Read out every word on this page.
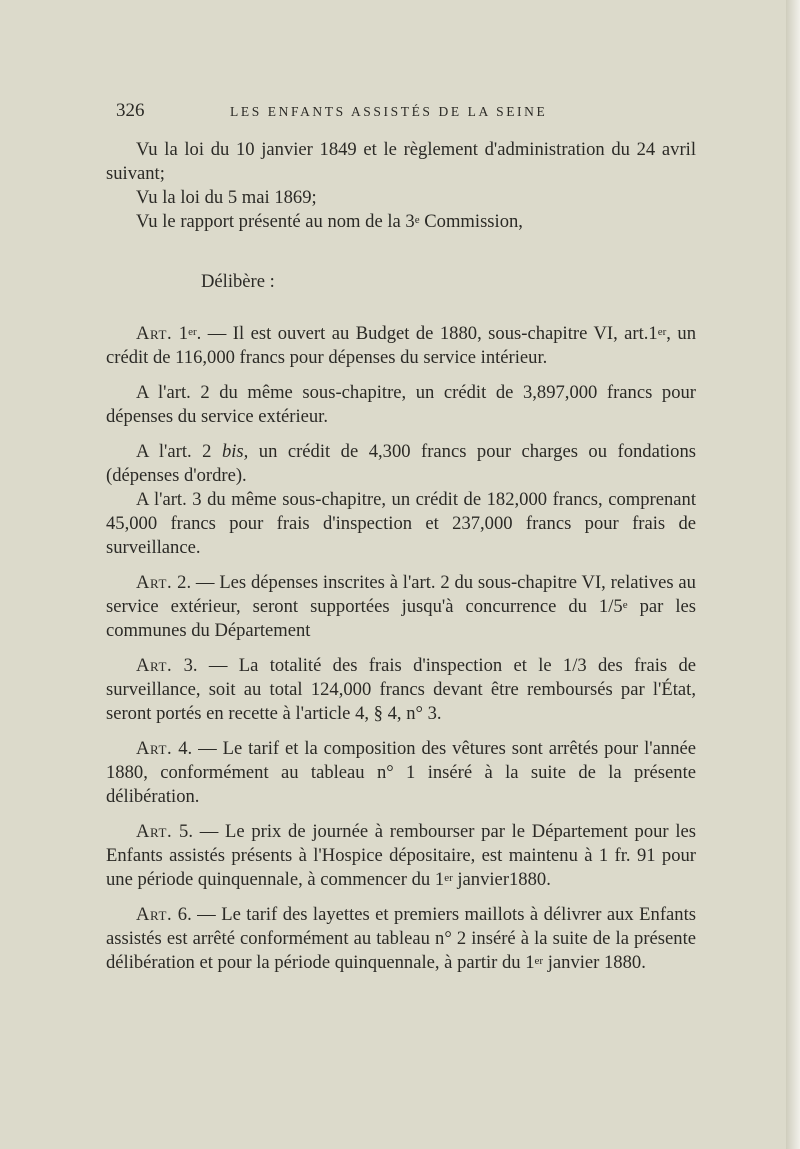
326	LES ENFANTS ASSISTÉS DE LA SEINE

Vu la loi du 10 janvier 1849 et le règlement d'administration du 24 avril suivant;

Vu la loi du 5 mai 1869;

Vu le rapport présenté au nom de la 3e Commission,

Délibère :

Art. 1er. — Il est ouvert au Budget de 1880, sous-chapitre VI, art.1er, un crédit de 116,000 francs pour dépenses du service intérieur.

A l'art. 2 du même sous-chapitre, un crédit de 3,897,000 francs pour dépenses du service extérieur.

A l'art. 2 bis, un crédit de 4,300 francs pour charges ou fondations (dépenses d'ordre).

A l'art. 3 du même sous-chapitre, un crédit de 182,000 francs, comprenant 45,000 francs pour frais d'inspection et 237,000 francs pour frais de surveillance.

Art. 2. — Les dépenses inscrites à l'art. 2 du sous-chapitre VI, relatives au service extérieur, seront supportées jusqu'à concurrence du 1/5e par les communes du Département

Art. 3. — La totalité des frais d'inspection et le 1/3 des frais de surveillance, soit au total 124,000 francs devant être remboursés par l'État, seront portés en recette à l'article 4, § 4, n° 3.

Art. 4. — Le tarif et la composition des vêtures sont arrêtés pour l'année 1880, conformément au tableau n° 1 inséré à la suite de la présente délibération.

Art. 5. — Le prix de journée à rembourser par le Département pour les Enfants assistés présents à l'Hospice dépositaire, est maintenu à 1 fr. 91 pour une période quinquennale, à commencer du 1er janvier1880.

Art. 6. — Le tarif des layettes et premiers maillots à délivrer aux Enfants assistés est arrêté conformément au tableau n° 2 inséré à la suite de la présente délibération et pour la période quinquennale, à partir du 1er janvier 1880.
